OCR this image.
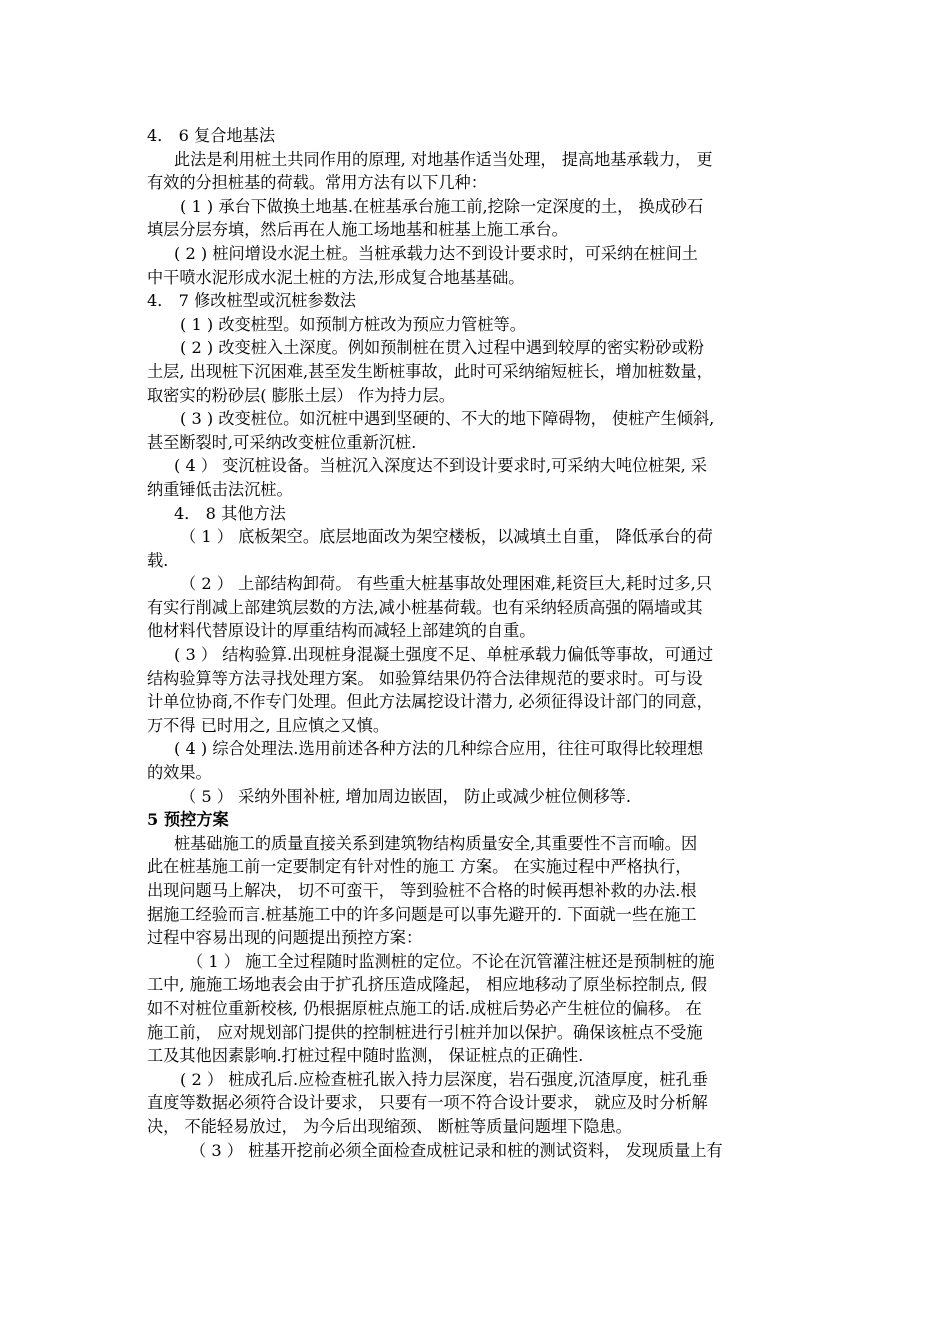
4． 6 复合地基法
此法是利用桩土共同作用的原理, 对地基作适当处理， 提高地基承载力， 更
有效的分担桩基的荷载。常用方法有以下几种：
( 1 ) 承台下做换土地基.在桩基承台施工前,挖除一定深度的土， 换成砂石
填层分层夯填，然后再在人施工场地基和桩基上施工承台。
( 2 ) 桩问增设水泥土桩。当桩承载力达不到设计要求时，可采纳在桩间土
中干喷水泥形成水泥土桩的方法,形成复合地基基础。
4． 7 修改桩型或沉桩参数法
( 1 ) 改变桩型。如预制方桩改为预应力管桩等。
( 2 ) 改变桩入土深度。例如预制桩在贯入过程中遇到较厚的密实粉砂或粉
土层, 出现桩下沉困难,甚至发生断桩事故，此时可采纳缩短桩长，增加桩数量，
取密实的粉砂层( 膨胀土层） 作为持力层。
( 3 ) 改变桩位。如沉桩中遇到坚硬的、不大的地下障碍物， 使桩产生倾斜,
甚至断裂时,可采纳改变桩位重新沉桩.
( 4 ） 变沉桩设备。当桩沉入深度达不到设计要求时,可采纳大吨位桩架, 采
纳重锤低击法沉桩。
4． 8 其他方法
（ 1 ） 底板架空。底层地面改为架空楼板，以减填土自重， 降低承台的荷
载.
（ 2 ） 上部结构卸荷。 有些重大桩基事故处理困难,耗资巨大,耗时过多,只
有实行削减上部建筑层数的方法,减小桩基荷载。也有采纳轻质高强的隔墙或其
他材料代替原设计的厚重结构而减轻上部建筑的自重。
( 3 ） 结构验算.出现桩身混凝土强度不足、单桩承载力偏低等事故，可通过
结构验算等方法寻找处理方案。 如验算结果仍符合法律规范的要求时。可与设
计单位协商,不作专门处理。但此方法属挖设计潜力, 必须征得设计部门的同意，
万不得 已时用之, 且应慎之又慎。
( 4 ) 综合处理法.选用前述各种方法的几种综合应用，往往可取得比较理想
的效果。
（ 5 ） 采纳外围补桩, 增加周边嵌固， 防止或减少桩位侧移等.
5 预控方案
桩基础施工的质量直接关系到建筑物结构质量安全,其重要性不言而喻。因
此在桩基施工前一定要制定有针对性的施工 方案。 在实施过程中严格执行，
出现问题马上解决， 切不可蛮干， 等到验桩不合格的时候再想补救的办法.根
据施工经验而言.桩基施工中的许多问题是可以事先避开的. 下面就一些在施工
过程中容易出现的问题提出预控方案：
（ 1 ） 施工全过程随时监测桩的定位。不论在沉管灌注桩还是预制桩的施
工中, 施施工场地表会由于扩孔挤压造成隆起， 相应地移动了原坐标控制点, 假
如不对桩位重新校核, 仍根据原桩点施工的话.成桩后势必产生桩位的偏移。 在
施工前， 应对规划部门提供的控制桩进行引桩并加以保护。确保该桩点不受施
工及其他因素影响.打桩过程中随时监测， 保证桩点的正确性.
( 2 ） 桩成孔后.应检查桩孔嵌入持力层深度，岩石强度,沉渣厚度，桩孔垂
直度等数据必须符合设计要求， 只要有一项不符合设计要求， 就应及时分析解
决， 不能轻易放过， 为今后出现缩颈、 断桩等质量问题埋下隐患。
（ 3 ） 桩基开挖前必须全面检查成桩记录和桩的测试资料， 发现质量上有
